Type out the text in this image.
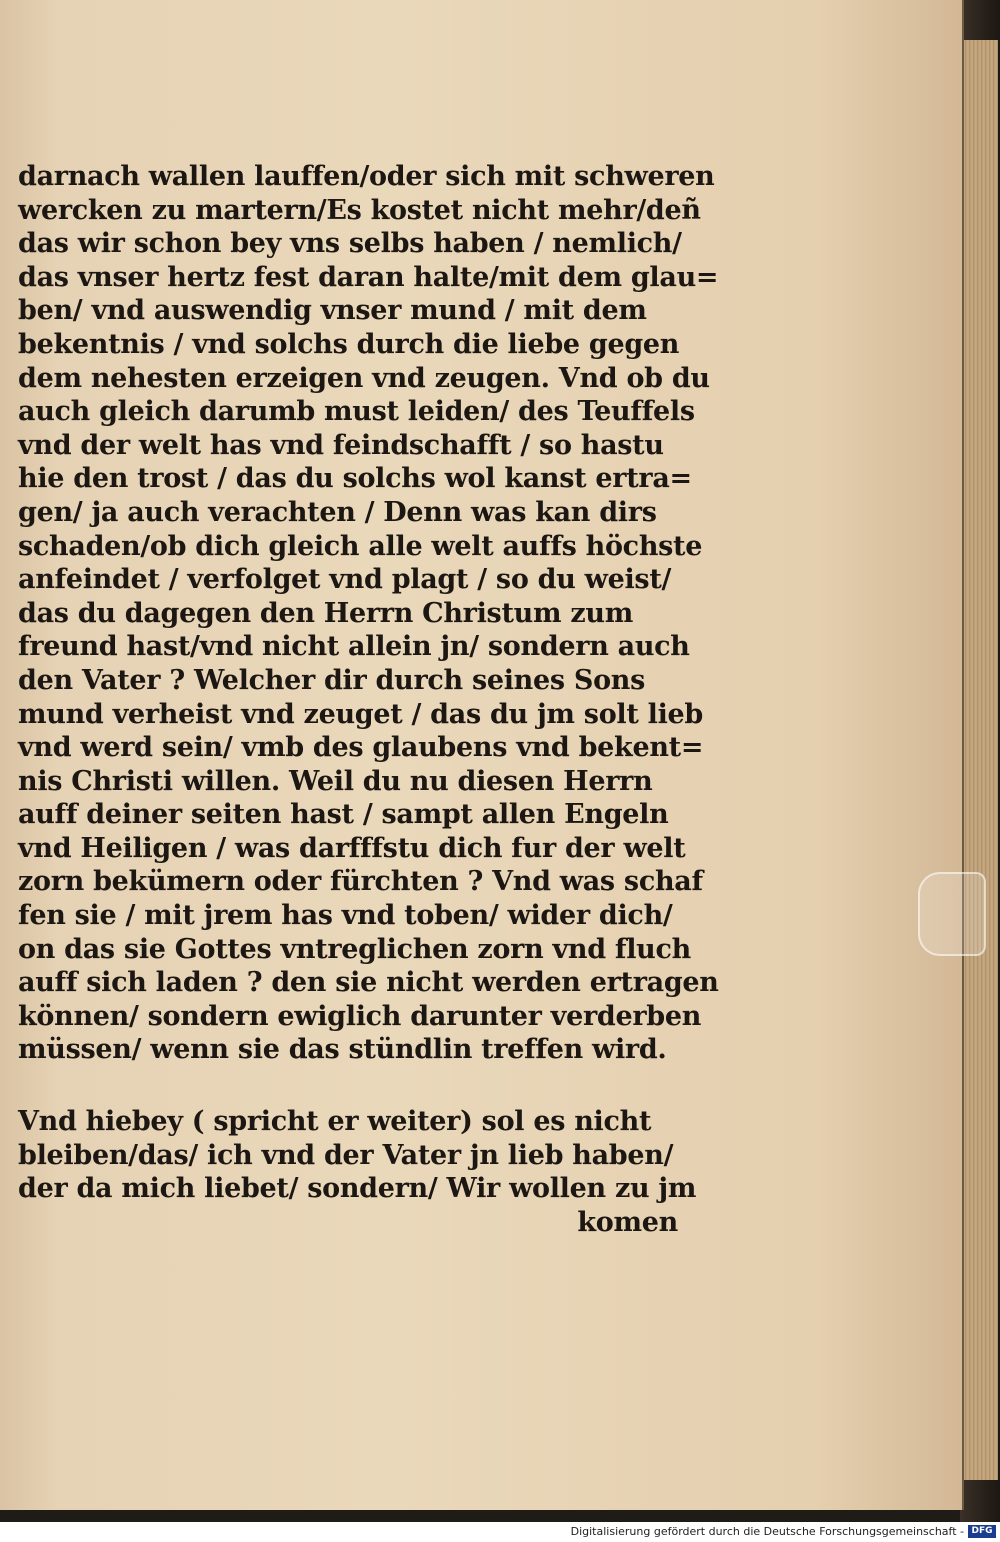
darnach wallen lauffen/oder sich mit schweren
wercken zu martern/Es kostet nicht mehr/deñ
das wir schon bey vns selbs haben / nemlich/
das vnser hertz fest daran halte/mit dem glau=
ben/ vnd auswendig vnser mund / mit dem
bekentnis / vnd solchs durch die liebe gegen
dem nehesten erzeigen vnd zeugen. Vnd ob du
auch gleich darumb must leiden/ des Teuffels
vnd der welt has vnd feindschafft / so hastu
hie den trost / das du solchs wol kanst ertra=
gen/ ja auch verachten / Denn was kan dirs
schaden/ob dich gleich alle welt auffs höchste
anfeindet / verfolget vnd plagt / so du weist/
das du dagegen den Herrn Christum zum
freund hast/vnd nicht allein jn/ sondern auch
den Vater ? Welcher dir durch seines Sons
mund verheist vnd zeuget / das du jm solt lieb
vnd werd sein/ vmb des glaubens vnd bekent=
nis Christi willen. Weil du nu diesen Herrn
auff deiner seiten hast / sampt allen Engeln
vnd Heiligen / was darfffstu dich fur der welt
zorn bekümern oder fürchten ? Vnd was schaf
fen sie / mit jrem has vnd toben/ wider dich/
on das sie Gottes vntreglichen zorn vnd fluch
auff sich laden ? den sie nicht werden ertragen
können/ sondern ewiglich darunter verderben
müssen/ wenn sie das stündlin treffen wird.
Vnd hiebey ( spricht er weiter) sol es nicht
bleiben/das/ ich vnd der Vater jn lieb haben/
der da mich liebet/ sondern/ Wir wollen zu jm
komen
Digitalisierung gefördert durch die Deutsche Forschungsgemeinschaft - DFG
